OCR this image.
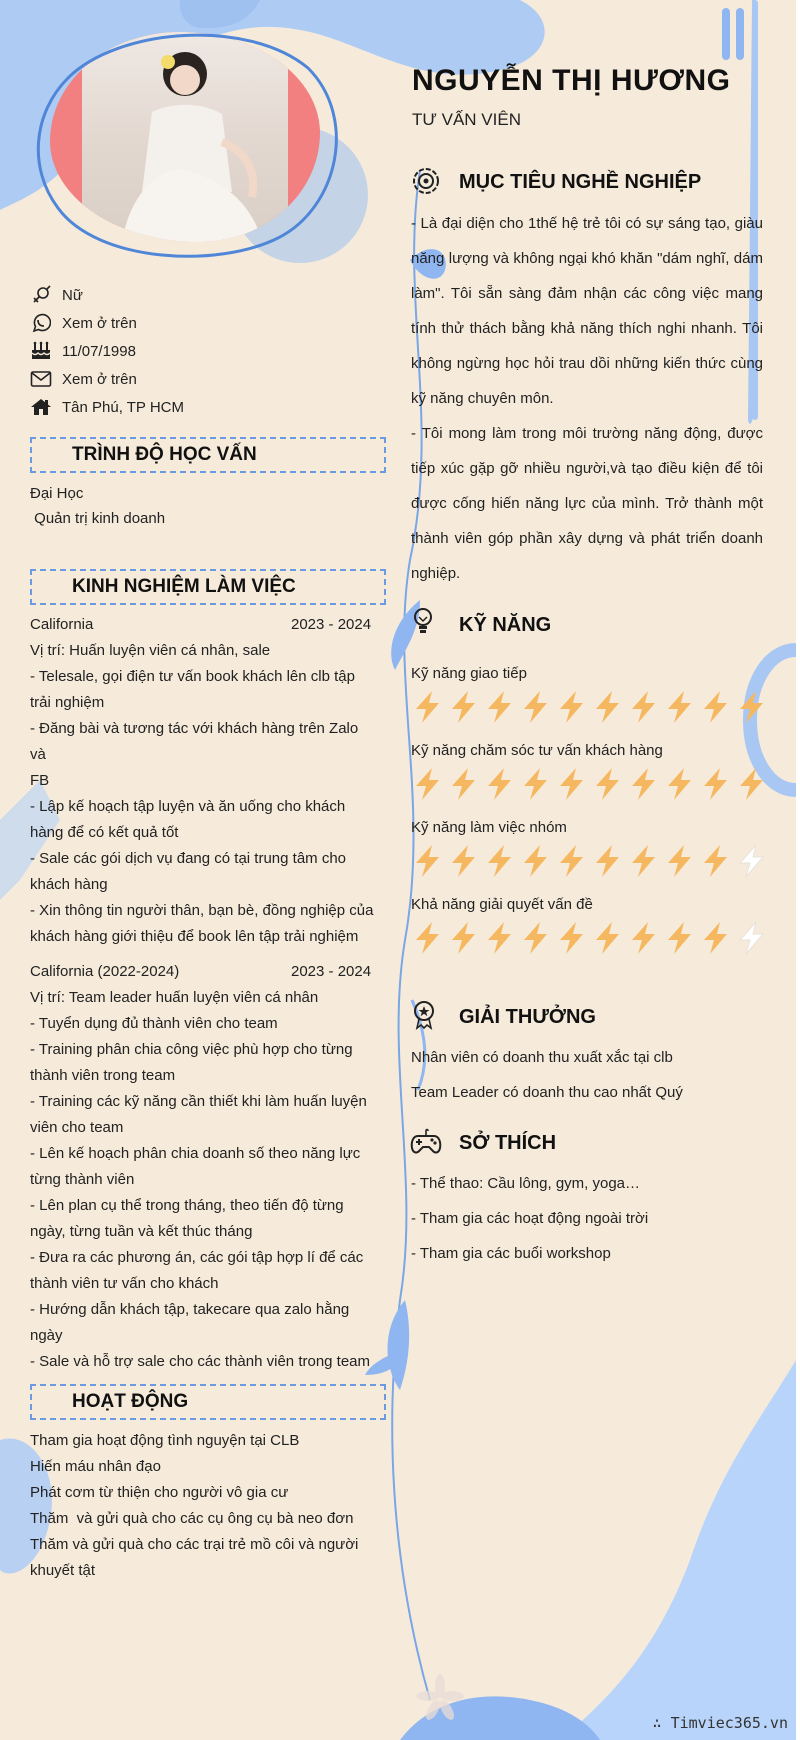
NGUYỄN THỊ HƯƠNG
TƯ VẤN VIÊN
Nữ
Xem ở trên
11/07/1998
Xem ở trên
Tân Phú, TP HCM
TRÌNH ĐỘ HỌC VẤN
Đại Học
Quản trị kinh doanh
KINH NGHIỆM LÀM VIỆC
California	2023 - 2024
Vị trí: Huấn luyện viên cá nhân, sale
- Telesale, gọi điện tư vấn book khách lên clb tập
trải nghiệm
- Đăng bài và tương tác với khách hàng trên Zalo và
FB
- Lập kế hoạch tập luyện và ăn uống cho khách
hàng để có kết quả tốt
- Sale các gói dịch vụ đang có tại trung tâm cho
khách hàng
- Xin thông tin người thân, bạn bè, đồng nghiệp của
khách hàng giới thiệu để book lên tập trải nghiệm
California (2022-2024)	2023 - 2024
Vị trí: Team leader huấn luyện viên cá nhân
- Tuyển dụng đủ thành viên cho team
- Training phân chia công việc phù hợp cho từng
thành viên trong team
- Training các kỹ năng cần thiết khi làm huấn luyện
viên cho team
- Lên kế hoạch phân chia doanh số theo năng lực
từng thành viên
- Lên plan cụ thể trong tháng, theo tiến độ từng
ngày, từng tuần và kết thúc tháng
- Đưa ra các phương án, các gói tập hợp lí để các
thành viên tư vấn cho khách
- Hướng dẫn khách tập, takecare qua zalo hằng
ngày
- Sale và hỗ trợ sale cho các thành viên trong team
HOẠT ĐỘNG
Tham gia hoạt động tình nguyện tại CLB
Hiến máu nhân đạo
Phát cơm từ thiện cho người vô gia cư
Thăm  và gửi quà cho các cụ ông cụ bà neo đơn
Thăm và gửi quà cho các trại trẻ mồ côi và người
khuyết tật
MỤC TIÊU NGHỀ NGHIỆP
- Là đại diện cho 1thế hệ trẻ tôi có sự sáng tạo, giàu năng lượng và không ngại khó khăn "dám nghĩ, dám làm". Tôi sẵn sàng đảm nhận các công việc mang tính thử thách bằng khả năng thích nghi nhanh. Tôi không ngừng học hỏi trau dồi những kiến thức cùng kỹ năng chuyên môn.
- Tôi mong làm trong môi trường năng động, được tiếp xúc gặp gỡ nhiều người,và tạo điều kiện để tôi được cống hiến năng lực của mình. Trở thành một thành viên góp phần xây dựng và phát triển doanh nghiệp.
KỸ NĂNG
Kỹ năng giao tiếp
Kỹ năng chăm sóc tư vấn khách hàng
Kỹ năng làm việc nhóm
Khả năng giải quyết vấn đề
GIẢI THƯỞNG
Nhân viên có doanh thu xuất xắc tại clb
Team Leader có doanh thu cao nhất Quý
SỞ THÍCH
- Thể thao: Cầu lông, gym, yoga…
- Tham gia các hoạt động ngoài trời
- Tham gia các buổi workshop
∴ Timviec365.vn
